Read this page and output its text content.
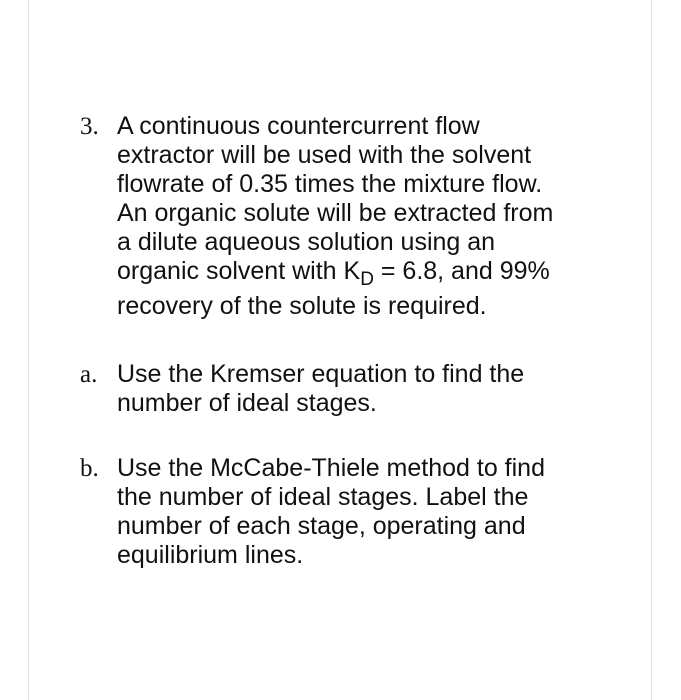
3. A continuous countercurrent flow
extractor will be used with the solvent
flowrate of 0.35 times the mixture flow.
An organic solute will be extracted from
a dilute aqueous solution using an
organic solvent with $K_D = 6.8$, and 99%
recovery of the solute is required.
a. Use the Kremser equation to find the
number of ideal stages.
b. Use the McCabe-Thiele method to find
the number of ideal stages. Label the
number of each stage, operating and
equilibrium lines.
